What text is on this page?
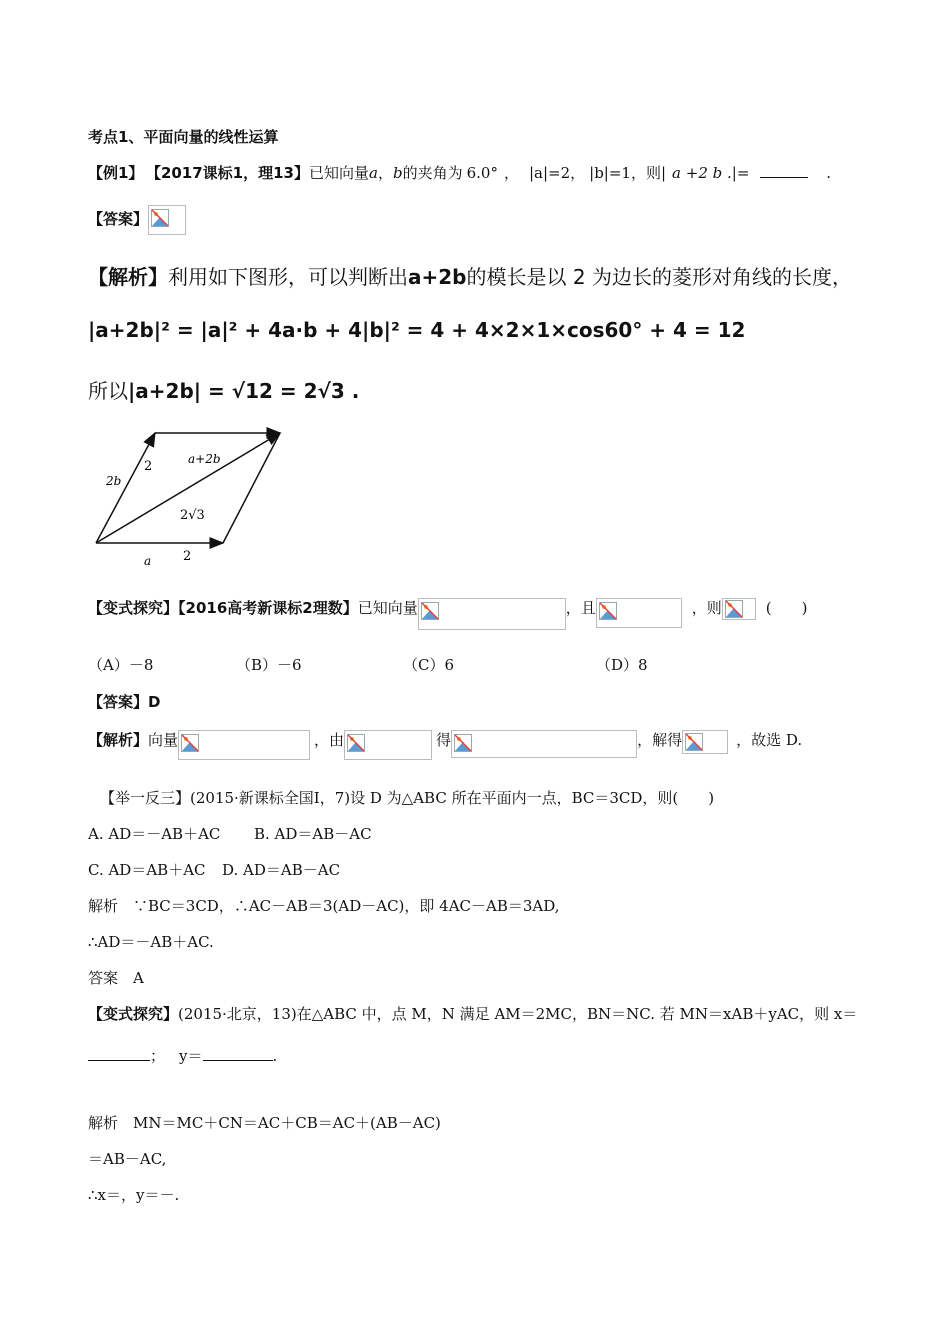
考点1、平面向量的线性运算
【例1】 【2017课标1，理13】已知向量a，b的夹角为 6.0° ， |a|=2， |b|=1，则| a +2 b .|=	.
【答案】
【解析】利用如下图形，可以判断出a+2b的模长是以 2 为边长的菱形对角线的长度，
|a+2b|² = |a|² + 4a·b + 4|b|² = 4 + 4×2×1×cos60° + 4 = 12
所以|a+2b| = √12 = 2√3 .
2b
2	a+2b
2√3
a 2
【变式探究】【2016高考新课标2理数】已知向量	，且	，则	(　　)
（A）－8	（B）－6	（C）6	（D）8
【答案】D
【解析】向量	，由	得	，解得	，故选 D.
【举一反三】(2015·新课标全国Ⅰ，7)设 D 为△ABC 所在平面内一点，BC＝3CD，则(　　)
A. AD＝－AB＋AC B. AD＝AB－AC
C. AD＝AB＋AC D. AD＝AB－AC
解析　∵BC＝3CD，∴AC－AB＝3(AD－AC)，即 4AC－AB＝3AD,
∴AD＝－AB＋AC.
答案　A
【变式探究】(2015·北京，13)在△ABC 中，点 M，N 满足 AM＝2MC，BN＝NC. 若 MN＝xAB＋yAC，则 x＝
； y＝	.
解析　MN＝MC＋CN＝AC＋CB＝AC＋(AB－AC)
＝AB－AC,
∴x＝，y＝－.
